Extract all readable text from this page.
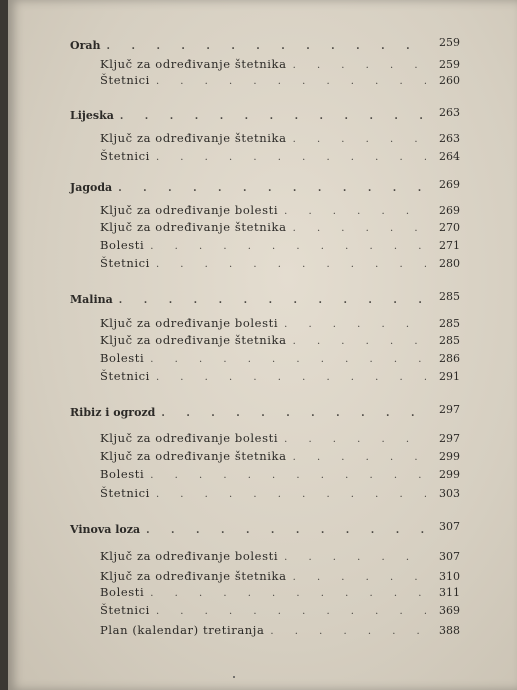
Orah . . .	259
Ključ za određivanje štetnika . . .	259
Štetnici . . .	260
Lijeska . . .	263
Ključ za određivanje štetnika . . .	263
Štetnici . . .	264
Jagoda . . .	269
Ključ za određivanje bolesti . . .	269
Ključ za određivanje štetnika . . .	270
Bolesti . . .	271
Štetnici . . .	280
Malina . . .	285
Ključ za određivanje bolesti . . .	285
Ključ za određivanje štetnika . . .	285
Bolesti . . .	286
Štetnici . . .	291
Ribiz i ogrozd . . .	297
Ključ za određivanje bolesti . . .	297
Ključ za određivanje štetnika . . .	299
Bolesti . . .	299
Štetnici . . .	303
Vinova loza . . .	307
Ključ za određivanje bolesti . . .	307
Ključ za određivanje štetnika . . .	310
Bolesti . . .	311
Štetnici . . .	369
Plan (kalendar) tretiranja . . .	388
